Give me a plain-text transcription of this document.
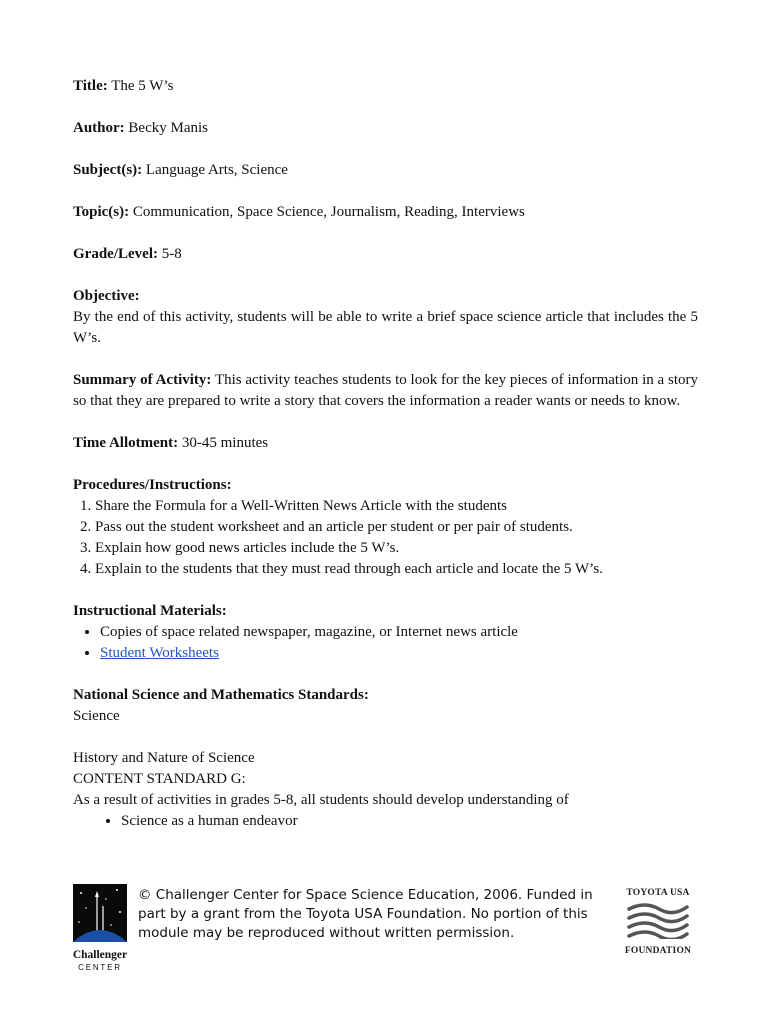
Title: The 5 W’s
Author: Becky Manis
Subject(s): Language Arts, Science
Topic(s): Communication, Space Science, Journalism, Reading, Interviews
Grade/Level: 5-8
Objective:
By the end of this activity, students will be able to write a brief space science article that includes the 5 W’s.
Summary of Activity: This activity teaches students to look for the key pieces of information in a story so that they are prepared to write a story that covers the information a reader wants or needs to know.
Time Allotment: 30-45 minutes
Procedures/Instructions:
1. Share the Formula for a Well-Written News Article with the students
2. Pass out the student worksheet and an article per student or per pair of students.
3. Explain how good news articles include the 5 W’s.
4. Explain to the students that they must read through each article and locate the 5 W’s.
Instructional Materials:
• Copies of space related newspaper, magazine, or Internet news article
• Student Worksheets
National Science and Mathematics Standards:
Science
History and Nature of Science
CONTENT STANDARD G:
As a result of activities in grades 5-8, all students should develop understanding of
• Science as a human endeavor
Challenger
CENTER
© Challenger Center for Space Science Education, 2006. Funded in
part by a grant from the Toyota USA Foundation. No portion of this
module may be reproduced without written permission.
TOYOTA USA
FOUNDATION
